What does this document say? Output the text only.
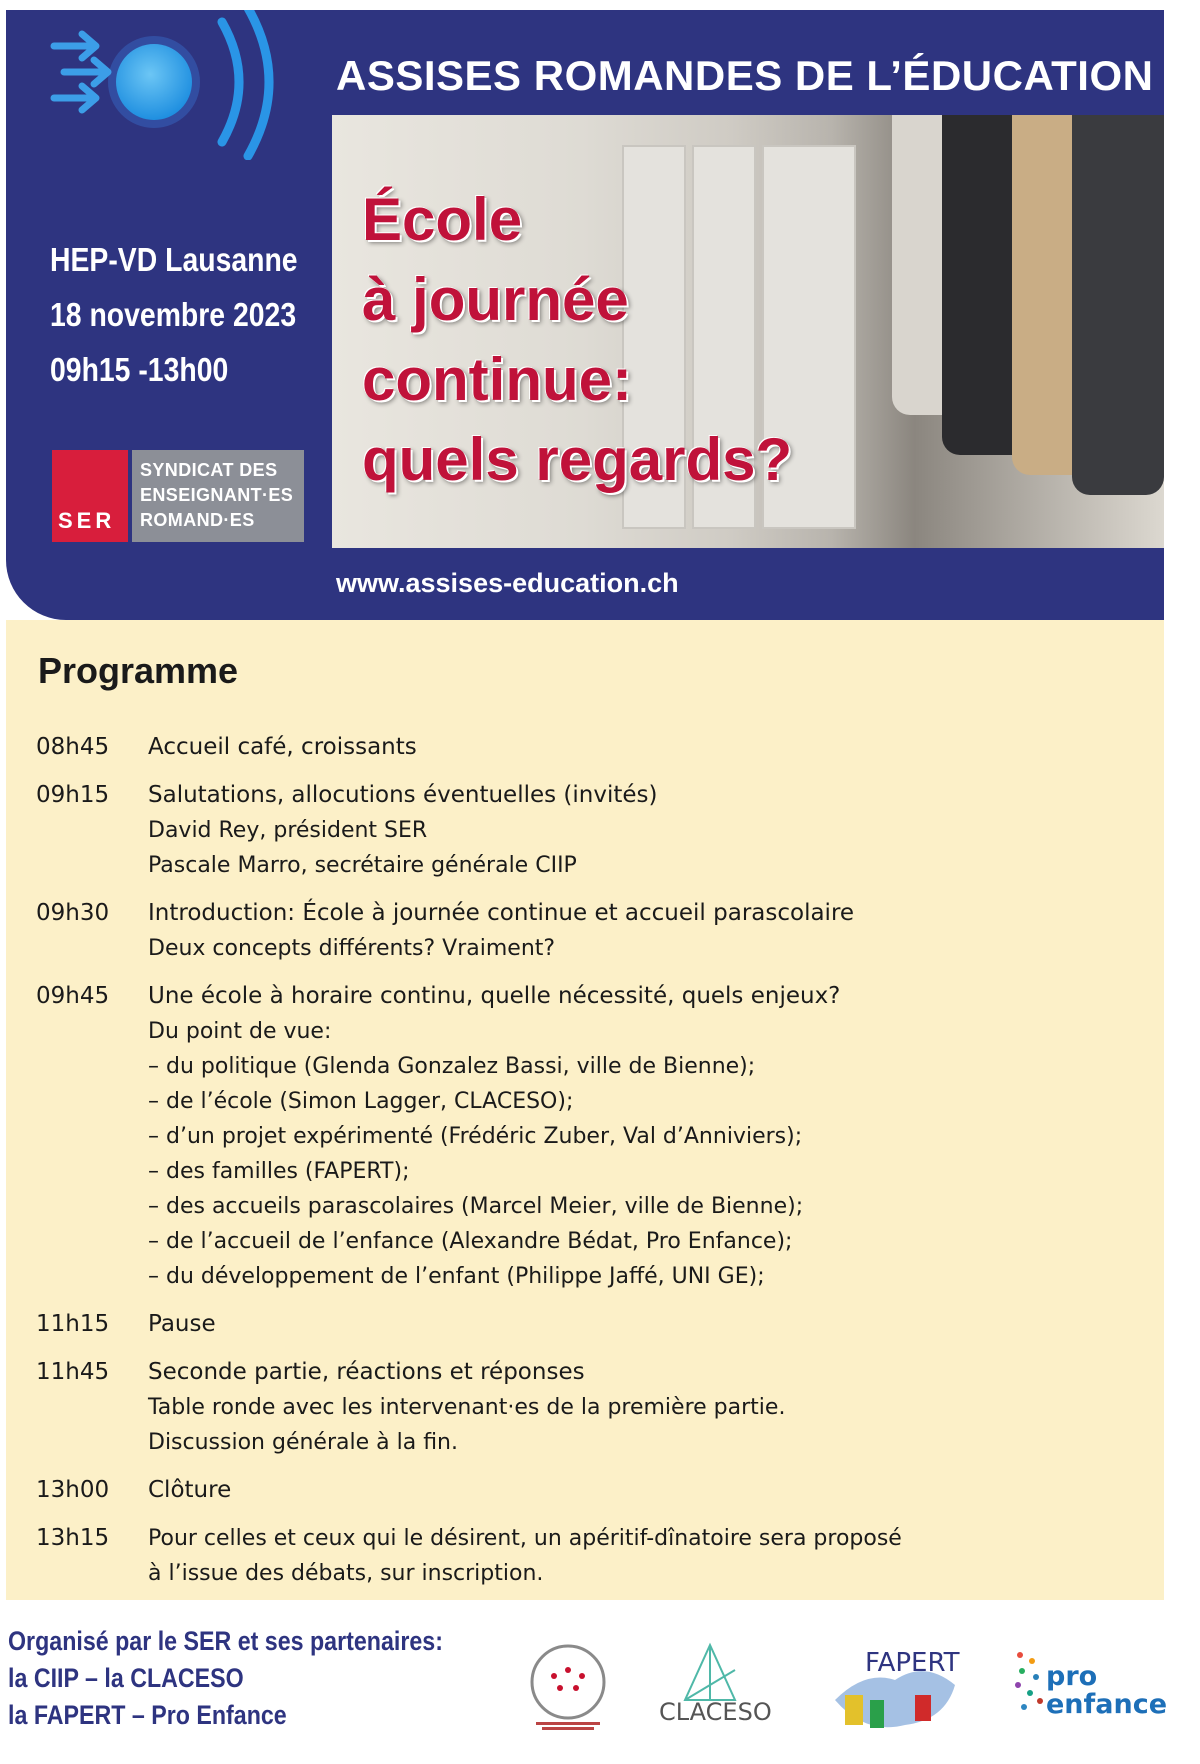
ASSISES ROMANDES DE L’ÉDUCATION
HEP-VD Lausanne
18 novembre 2023
09h15 -13h00
SER
SYNDICAT DES
ENSEIGNANT·ES
ROMAND·ES
École
à journée
continue:
quels regards?
www.assises-education.ch
Programme
08h45	Accueil café, croissants
09h15	Salutations, allocutions éventuelles (invités)
David Rey, président SER
Pascale Marro, secrétaire générale CIIP
09h30	Introduction: École à journée continue et accueil parascolaire
Deux concepts différents? Vraiment?
09h45	Une école à horaire continu, quelle nécessité, quels enjeux?
Du point de vue:
– du politique (Glenda Gonzalez Bassi, ville de Bienne);
– de l’école (Simon Lagger, CLACESO);
– d’un projet expérimenté (Frédéric Zuber, Val d’Anniviers);
– des familles (FAPERT);
– des accueils parascolaires (Marcel Meier, ville de Bienne);
– de l’accueil de l’enfance (Alexandre Bédat, Pro Enfance);
– du développement de l’enfant (Philippe Jaffé, UNI GE);
11h15	Pause
11h45	Seconde partie, réactions et réponses
Table ronde avec les intervenant·es de la première partie.
Discussion générale à la fin.
13h00	Clôture
13h15	Pour celles et ceux qui le désirent, un apéritif-dînatoire sera proposé
à l’issue des débats, sur inscription.
Organisé par le SER et ses partenaires:
la CIIP – la CLACESO
la FAPERT – Pro Enfance	CLACESO
FAPERT	pro enfance
